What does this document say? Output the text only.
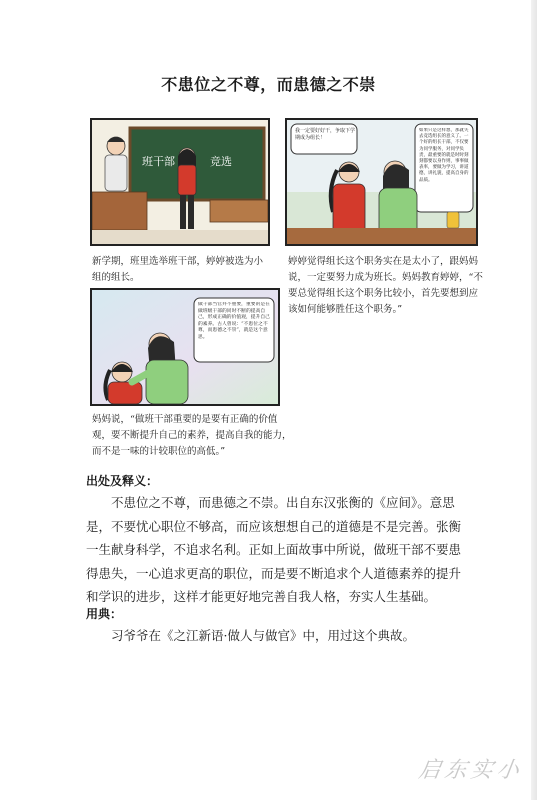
不患位之不尊，而患德之不崇
班干部	竞选
新学期，班里选举班干部，婷婷被选为小组的组长。
我一定要好好干，争取下学期成为组长！
如果只是这样想，那就失去竞选组长的意义了。一个好的组长干部，不仅要为同学服务，对同学负责，最重要的就是时时刻刻都要以身作则，事事做表率，要做为学习，讲道德，讲礼貌，提高自身的品质。
婷婷觉得组长这个职务实在是太小了，跟妈妈说，一定要努力成为班长。妈妈教育婷婷，“不要总觉得组长这个职务比较小，首先要想到应该如何能够胜任这个职务。”
做干部当官并不重要，重要的是在做班级干部的同时不断的提高自己，形成正确的价值观，提升自己的素养。古人曾说：“不患位之不尊，而患德之不崇”，就是这个意思。
妈妈说，“做班干部重要的是要有正确的价值观，要不断提升自己的素养，提高自我的能力，而不是一味的计较职位的高低。”
出处及释义：
不患位之不尊，而患德之不崇。出自东汉张衡的《应间》。意思是，不要忧心职位不够高，而应该想想自己的道德是不是完善。张衡一生献身科学，不追求名利。正如上面故事中所说，做班干部不要患得患失，一心追求更高的职位，而是要不断追求个人道德素养的提升和学识的进步，这样才能更好地完善自我人格，夯实人生基础。
用典：
习爷爷在《之江新语·做人与做官》中，用过这个典故。
启东实小
